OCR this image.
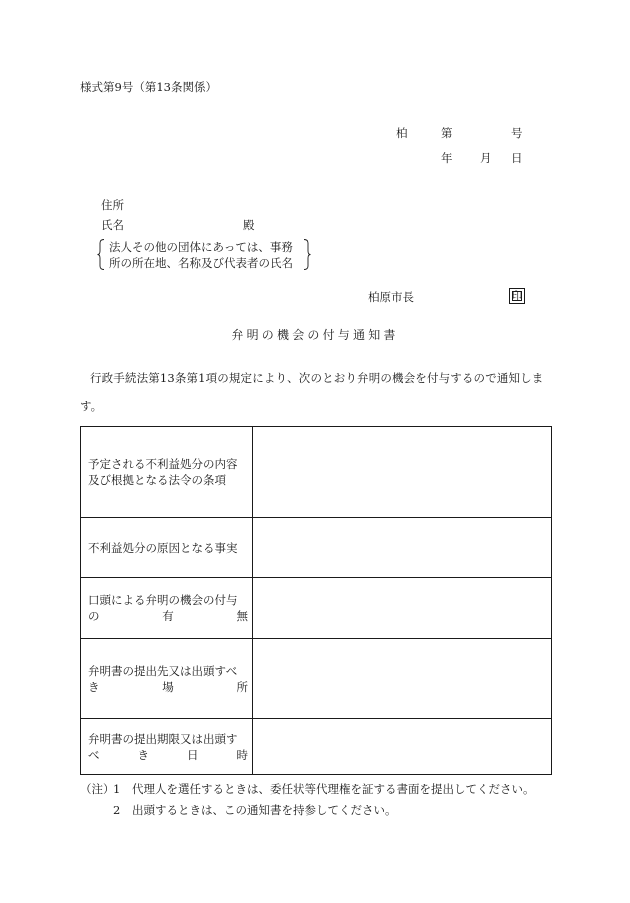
様式第9号（第13条関係）
柏	第	号
年 月 日
住所
氏名	殿
法人その他の団体にあっては、事務
所の所在地、名称及び代表者の氏名
柏原市長	印
弁明の機会の付与通知書
行政手続法第13条第1項の規定により、次のとおり弁明の機会を付与するので通知しま
す。
予定される不利益処分の内容
及び根拠となる法令の条項	

不利益処分の原因となる事実	

口頭による弁明の機会の付与
の 有 無	

弁明書の提出先又は出頭すべ
き 場 所	

弁明書の提出期限又は出頭す
べ き 日 時	

（注）
1 代理人を選任するときは、委任状等代理権を証する書面を提出してください。
2 出頭するときは、この通知書を持参してください。
